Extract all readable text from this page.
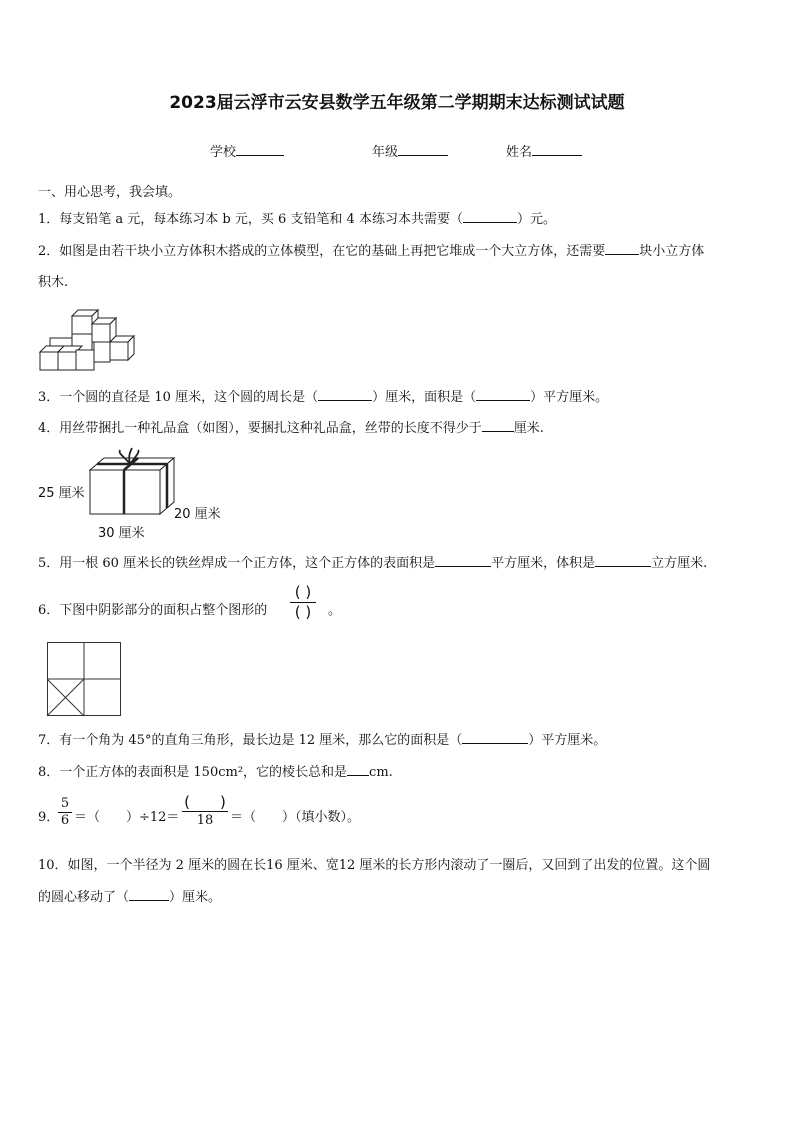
2023届云浮市云安县数学五年级第二学期期末达标测试试题
学校	年级	姓名
一、用心思考，我会填。
1．每支铅笔 a 元，每本练习本 b 元，买 6 支铅笔和 4 本练习本共需要（	）元。
2．如图是由若干块小立方体积木搭成的立体模型，在它的基础上再把它堆成一个大立方体，还需要	块小立方体
积木.
3．一个圆的直径是 10 厘米，这个圆的周长是（	）厘米，面积是（	）平方厘米。
4．用丝带捆扎一种礼品盒（如图），要捆扎这种礼品盒，丝带的长度不得少于 厘米.
25 厘米
30 厘米
20 厘米
5．用一根 60 厘米长的铁丝焊成一个正方体，这个正方体的表面积是	平方厘米，体积是	立方厘米.
6．下图中阴影部分的面积占整个图形的
( )
( )	。
7．有一个角为 45°的直角三角形，最长边是 12 厘米，那么它的面积是（	）平方厘米。
8．一个正方体的表面积是 150cm²，它的棱长总和是 cm.
9．
5
6 ＝（　　）÷12＝
(　　)
18	＝（　　）（填小数）。
10．如图，一个半径为 2 厘米的圆在长16 厘米、宽12 厘米的长方形内滚动了一圈后，又回到了出发的位置。这个圆
的圆心移动了（	）厘米。
